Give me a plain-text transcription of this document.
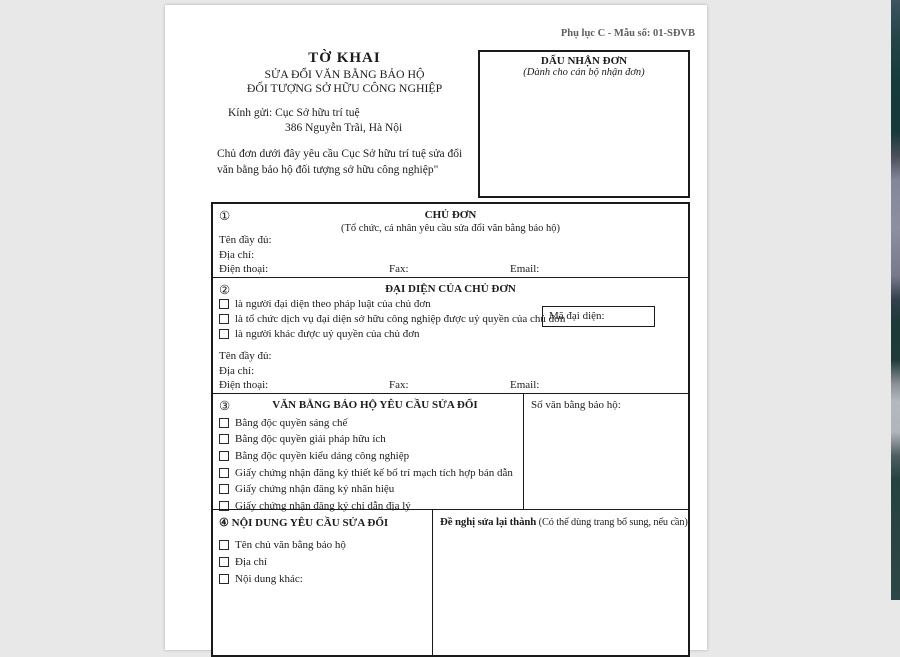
Phụ lục C - Mẫu số: 01-SĐVB
TỜ KHAI
SỬA ĐỔI VĂN BẰNG BẢO HỘ
ĐỐI TƯỢNG SỞ HỮU CÔNG NGHIỆP
DẤU NHẬN ĐƠN
(Dành cho cán bộ nhận đơn)
Kính gửi: Cục Sở hữu trí tuệ
386 Nguyễn Trãi, Hà Nội
Chủ đơn dưới đây yêu cầu Cục Sở hữu trí tuệ sửa đổi văn bằng bảo hộ đối tượng sở hữu công nghiệp"
①	CHỦ ĐƠN
(Tổ chức, cá nhân yêu cầu sửa đổi văn bằng bảo hộ)
Tên đầy đủ:
Địa chỉ:
Điện thoại:	Fax:	Email:
②	ĐẠI DIỆN CỦA CHỦ ĐƠN
là người đại diện theo pháp luật của chủ đơn
là tổ chức dịch vụ đại diện sở hữu công nghiệp được uỷ quyền của chủ đơn
là người khác được uỷ quyền của chủ đơn
Mã đại diện:
Tên đầy đủ:
Địa chỉ:
Điện thoại:	Fax:	Email:
③	VĂN BẰNG BẢO HỘ YÊU CẦU SỬA ĐỔI
Bằng độc quyền sáng chế
Bằng độc quyền giải pháp hữu ích
Bằng độc quyền kiểu dáng công nghiệp
Giấy chứng nhận đăng ký thiết kế bố trí mạch tích hợp bán dẫn
Giấy chứng nhận đăng ký nhãn hiệu
Giấy chứng nhận đăng ký chỉ dẫn địa lý
Số văn bằng bảo hộ:
④ NỘI DUNG YÊU CẦU SỬA ĐỔI
Tên chủ văn bằng bảo hộ
Địa chỉ
Nội dung khác:
Đề nghị sửa lại thành (Có thể dùng trang bổ sung, nếu cần)
